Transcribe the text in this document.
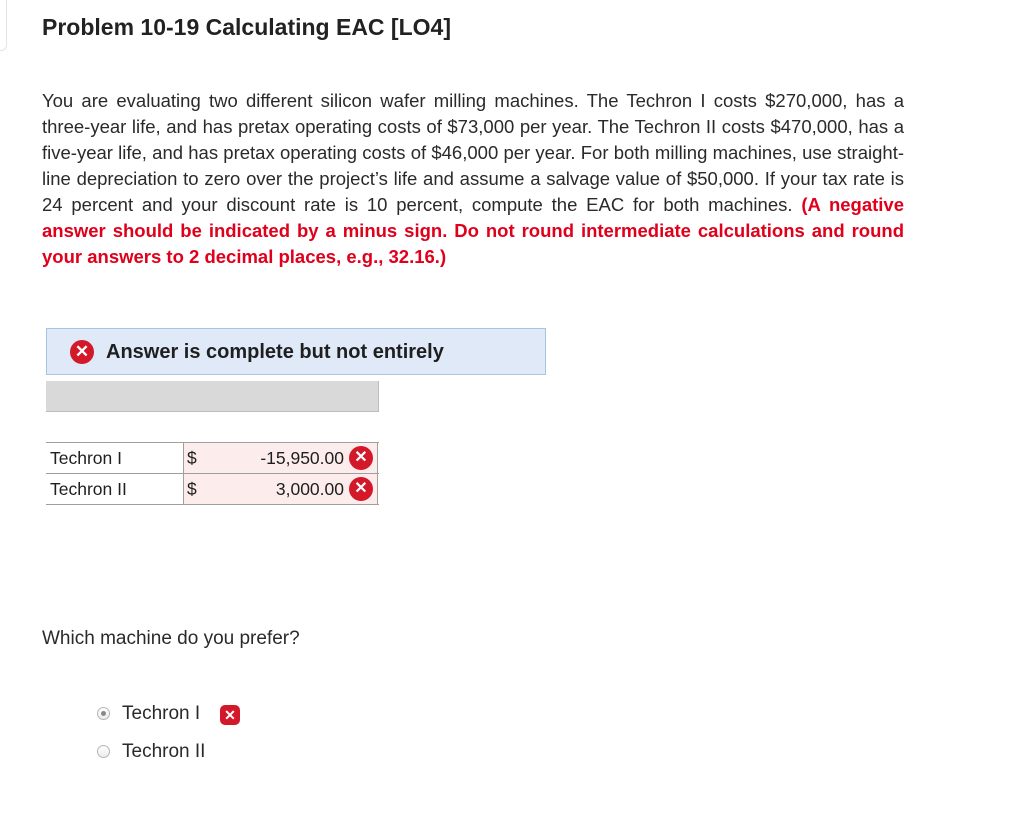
Problem 10-19 Calculating EAC [LO4]
You are evaluating two different silicon wafer milling machines. The Techron I costs $270,000, has a three-year life, and has pretax operating costs of $73,000 per year. The Techron II costs $470,000, has a five-year life, and has pretax operating costs of $46,000 per year. For both milling machines, use straight-line depreciation to zero over the project’s life and assume a salvage value of $50,000. If your tax rate is 24 percent and your discount rate is 10 percent, compute the EAC for both machines. (A negative answer should be indicated by a minus sign. Do not round intermediate calculations and round your answers to 2 decimal places, e.g., 32.16.)
✕ Answer is complete but not entirely
Techron I	$	-15,950.00 ✕
Techron II	$	3,000.00 ✕
Which machine do you prefer?
Techron I ✕
Techron II
